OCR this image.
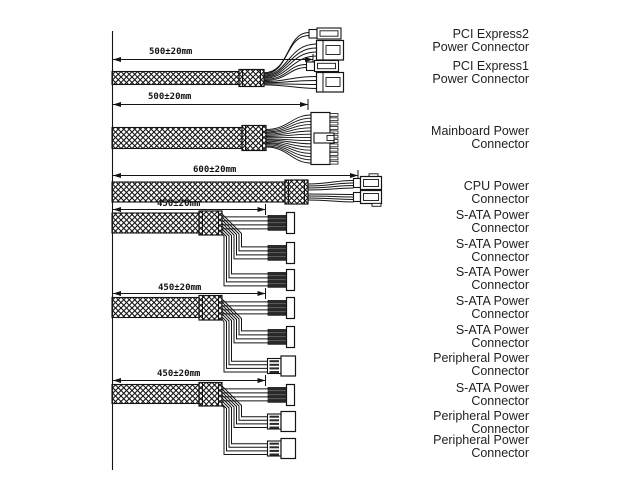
500±20mm
500±20mm
600±20mm
450±20mm
450±20mm
450±20mm
PCI Express2
Power Connector
PCI Express1
Power Connector
Mainboard Power
Connector
CPU Power
Connector
S-ATA Power
Connector
S-ATA Power
Connector
S-ATA Power
Connector
S-ATA Power
Connector
S-ATA Power
Connector
Peripheral Power
Connector
S-ATA Power
Connector
Peripheral Power
Connector
Peripheral Power
Connector
